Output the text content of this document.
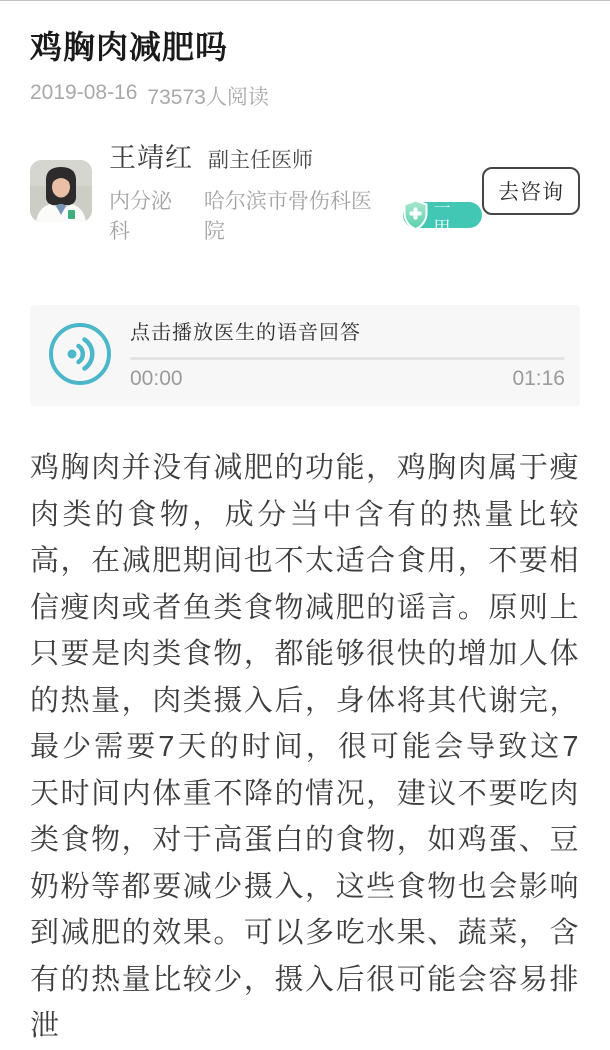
鸡胸肉减肥吗
2019-08-16 73573人阅读
王靖红 副主任医师
内分泌科
哈尔滨市骨伤科医院
三甲
去咨询
点击播放医生的语音回答
00:00	01:16

鸡胸肉并没有减肥的功能，鸡胸肉属于瘦肉类的食物，成分当中含有的热量比较高，在减肥期间也不太适合食用，不要相信瘦肉或者鱼类食物减肥的谣言。原则上只要是肉类食物，都能够很快的增加人体的热量，肉类摄入后，身体将其代谢完，最少需要7天的时间，很可能会导致这7天时间内体重不降的情况，建议不要吃肉类食物，对于高蛋白的食物，如鸡蛋、豆奶粉等都要减少摄入，这些食物也会影响到减肥的效果。可以多吃水果、蔬菜，含有的热量比较少，摄入后很可能会容易排泄
